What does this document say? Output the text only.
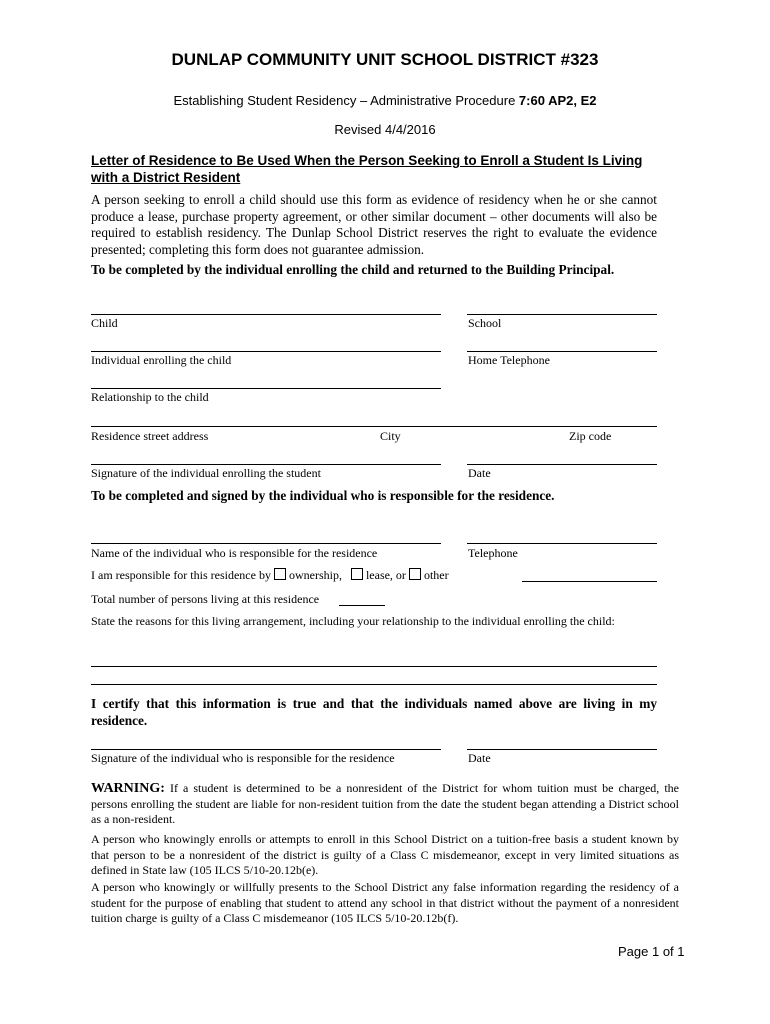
DUNLAP COMMUNITY UNIT SCHOOL DISTRICT #323
Establishing Student Residency – Administrative Procedure 7:60 AP2, E2
Revised 4/4/2016
Letter of Residence to Be Used When the Person Seeking to Enroll a Student Is Living with a District Resident
A person seeking to enroll a child should use this form as evidence of residency when he or she cannot produce a lease, purchase property agreement, or other similar document – other documents will also be required to establish residency. The Dunlap School District reserves the right to evaluate the evidence presented; completing this form does not guarantee admission.
To be completed by the individual enrolling the child and returned to the Building Principal.
Child	School
Individual enrolling the child	Home Telephone
Relationship to the child
Residence street address	City	Zip code
Signature of the individual enrolling the student	Date
To be completed and signed by the individual who is responsible for the residence.
Name of the individual who is responsible for the residence	Telephone
I am responsible for this residence by ownership, lease, or other
Total number of persons living at this residence
State the reasons for this living arrangement, including your relationship to the individual enrolling the child:
I certify that this information is true and that the individuals named above are living in my residence.
Signature of the individual who is responsible for the residence	Date
WARNING: If a student is determined to be a nonresident of the District for whom tuition must be charged, the persons enrolling the student are liable for non-resident tuition from the date the student began attending a District school as a non-resident.
A person who knowingly enrolls or attempts to enroll in this School District on a tuition-free basis a student known by that person to be a nonresident of the district is guilty of a Class C misdemeanor, except in very limited situations as defined in State law (105 ILCS 5/10-20.12b(e).
A person who knowingly or willfully presents to the School District any false information regarding the residency of a student for the purpose of enabling that student to attend any school in that district without the payment of a nonresident tuition charge is guilty of a Class C misdemeanor (105 ILCS 5/10-20.12b(f).
Page 1 of 1
